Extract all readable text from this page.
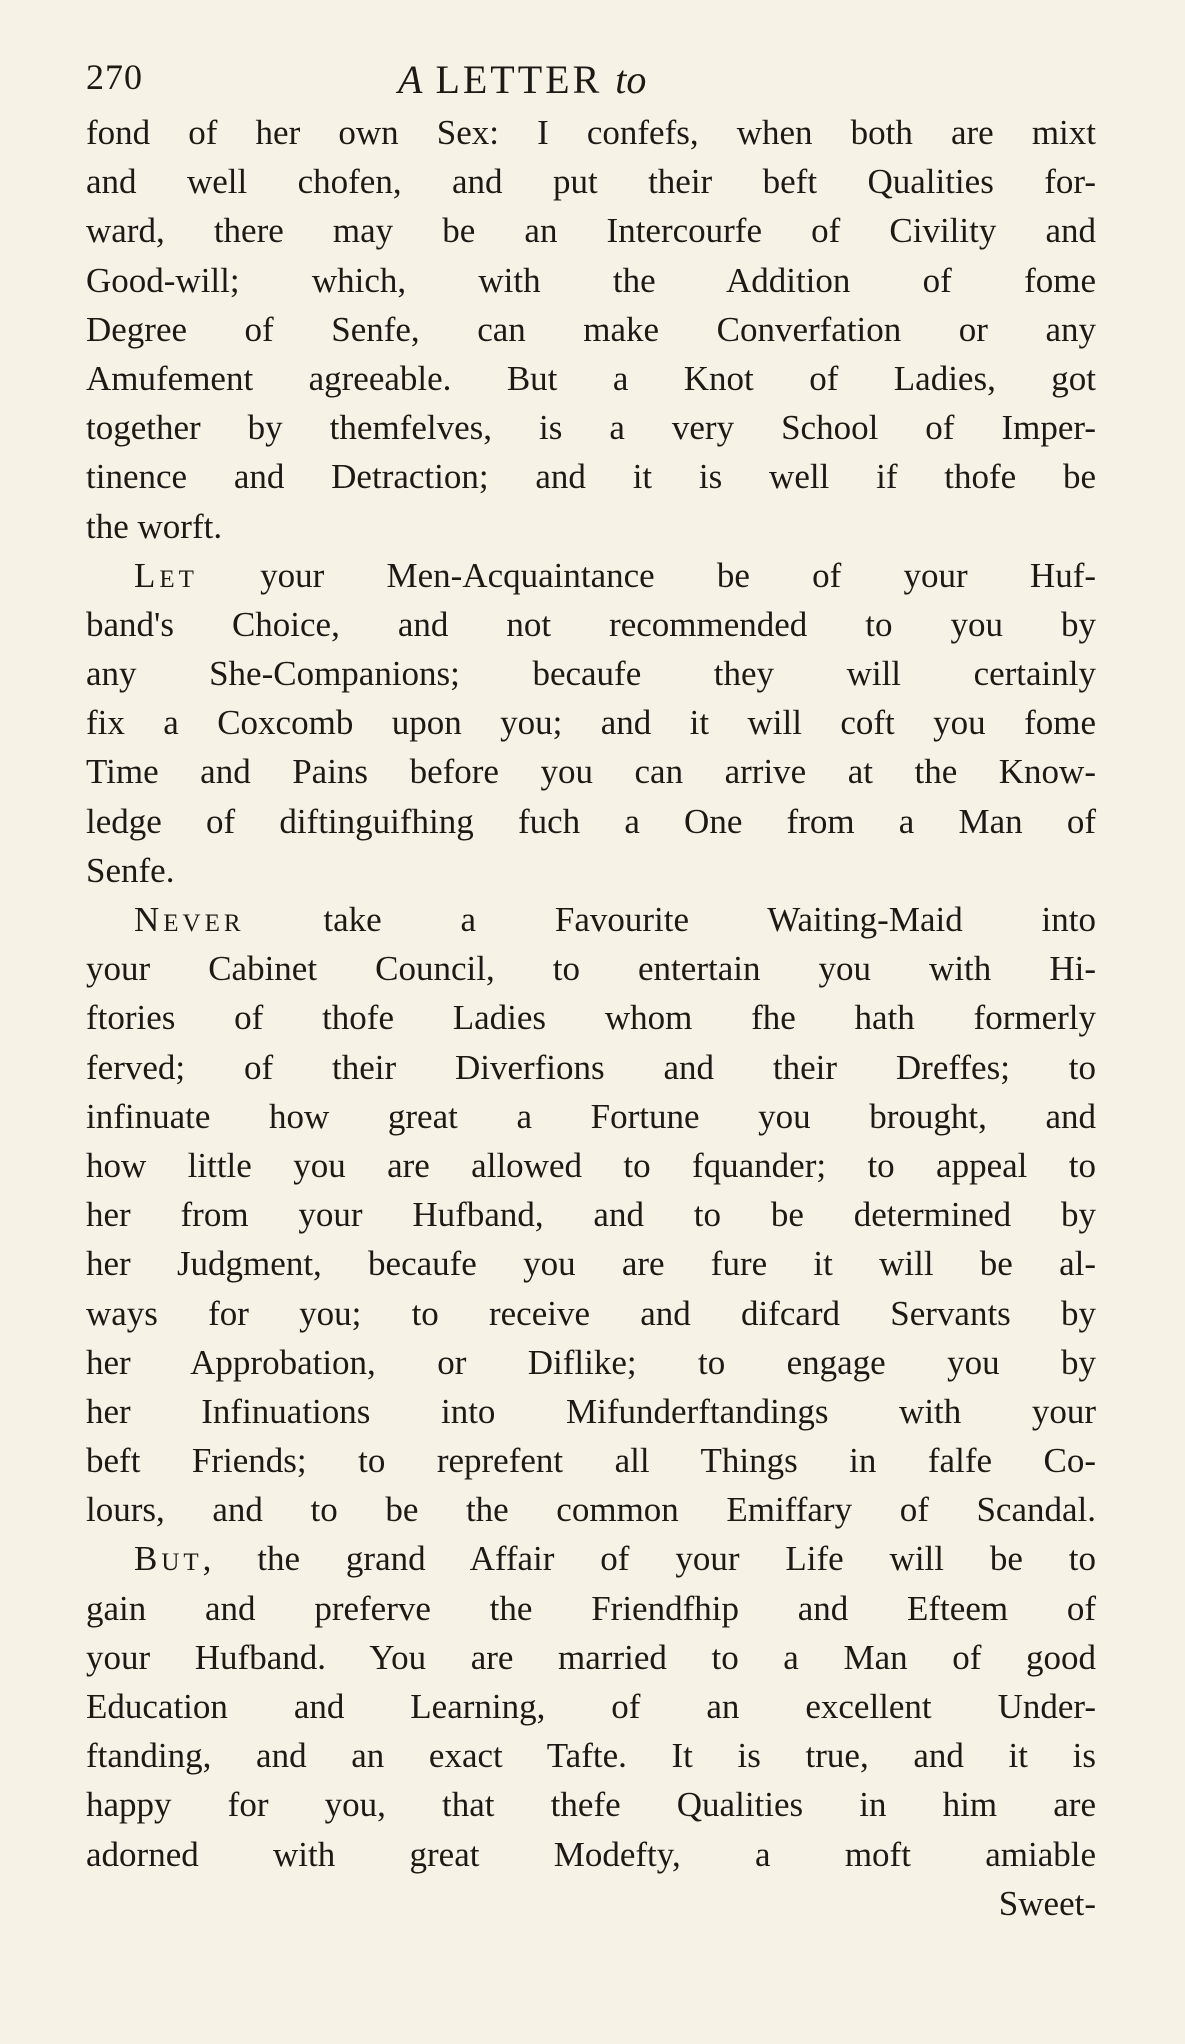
270	A LETTER to
fond of her own Sex: I confefs, when both are mixt
and well chofen, and put their beft Qualities for-
ward, there may be an Intercourfe of Civility and
Good-will; which, with the Addition of fome
Degree of Senfe, can make Converfation or any
Amufement agreeable. But a Knot of Ladies, got
together by themfelves, is a very School of Imper-
tinence and Detraction; and it is well if thofe be
the worft.
Let your Men-Acquaintance be of your Huf-
band's Choice, and not recommended to you by
any She-Companions; becaufe they will certainly
fix a Coxcomb upon you; and it will coft you fome
Time and Pains before you can arrive at the Know-
ledge of diftinguifhing fuch a One from a Man of
Senfe.
Never take a Favourite Waiting-Maid into
your Cabinet Council, to entertain you with Hi-
ftories of thofe Ladies whom fhe hath formerly
ferved; of their Diverfions and their Dreffes; to
infinuate how great a Fortune you brought, and
how little you are allowed to fquander; to appeal to
her from your Hufband, and to be determined by
her Judgment, becaufe you are fure it will be al-
ways for you; to receive and difcard Servants by
her Approbation, or Diflike; to engage you by
her Infinuations into Mifunderftandings with your
beft Friends; to reprefent all Things in falfe Co-
lours, and to be the common Emiffary of Scandal.
But, the grand Affair of your Life will be to
gain and preferve the Friendfhip and Efteem of
your Hufband. You are married to a Man of good
Education and Learning, of an excellent Under-
ftanding, and an exact Tafte. It is true, and it is
happy for you, that thefe Qualities in him are
adorned with great Modefty, a moft amiable
Sweet-
